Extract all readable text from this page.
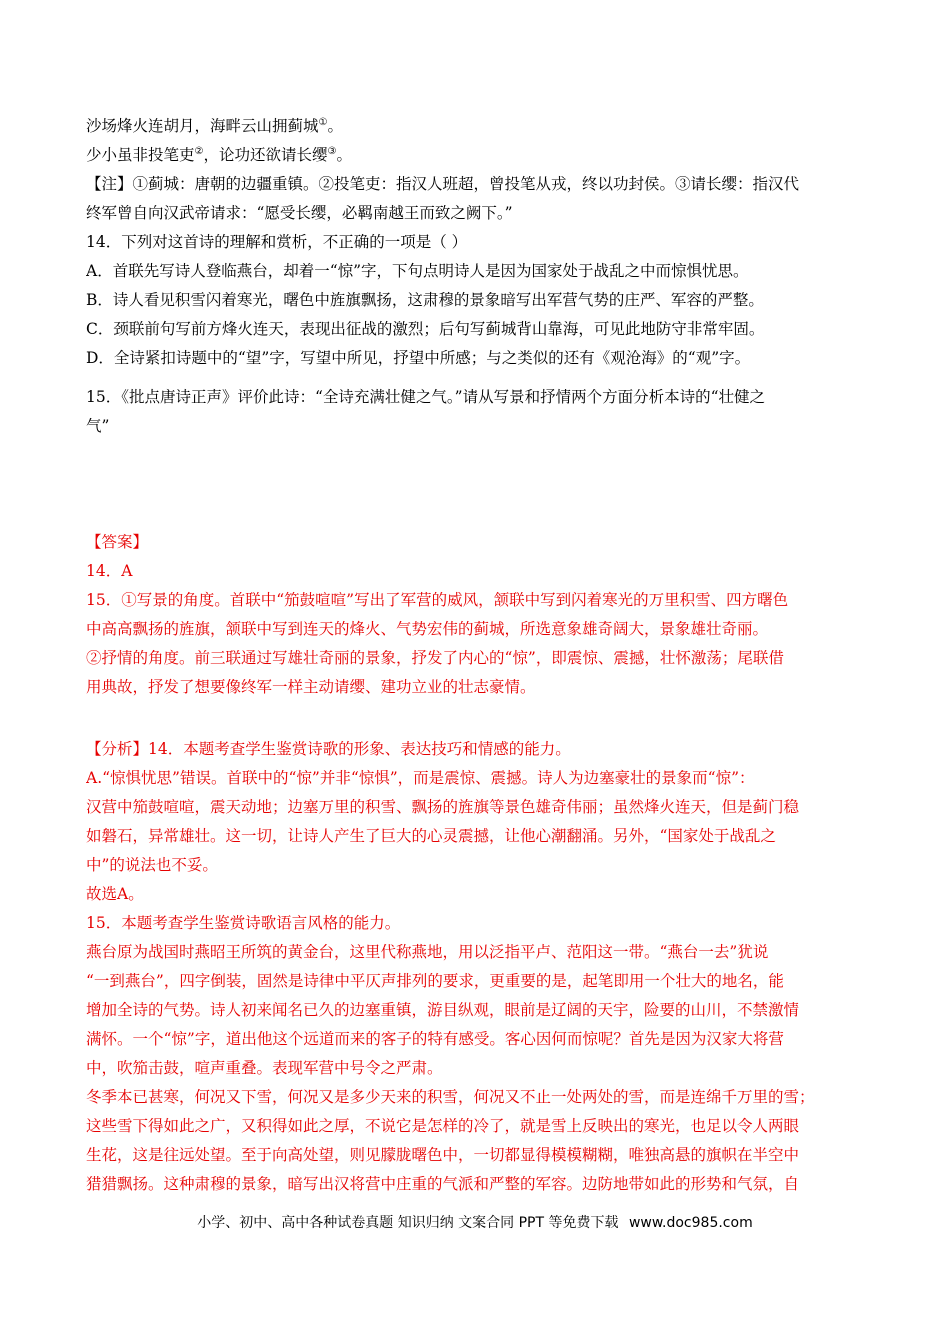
沙场烽火连胡月，海畔云山拥蓟城①。
少小虽非投笔吏②，论功还欲请长缨③。
【注】①蓟城：唐朝的边疆重镇。②投笔吏：指汉人班超，曾投笔从戎，终以功封侯。③请长缨：指汉代
终军曾自向汉武帝请求：“愿受长缨，必羁南越王而致之阙下。”
14．下列对这首诗的理解和赏析，不正确的一项是（ ）
A．首联先写诗人登临燕台，却着一“惊”字，下句点明诗人是因为国家处于战乱之中而惊惧忧思。
B．诗人看见积雪闪着寒光，曙色中旌旗飘扬，这肃穆的景象暗写出军营气势的庄严、军容的严整。
C．颈联前句写前方烽火连天，表现出征战的激烈；后句写蓟城背山靠海，可见此地防守非常牢固。
D．全诗紧扣诗题中的“望”字，写望中所见，抒望中所感；与之类似的还有《观沧海》的“观”字。
15．《批点唐诗正声》评价此诗：“全诗充满壮健之气。”请从写景和抒情两个方面分析本诗的“壮健之
气”
【答案】
14．A
15．①写景的角度。首联中“笳鼓喧喧”写出了军营的威风，颔联中写到闪着寒光的万里积雪、四方曙色
中高高飘扬的旌旗，颔联中写到连天的烽火、气势宏伟的蓟城，所选意象雄奇阔大，景象雄壮奇丽。
②抒情的角度。前三联通过写雄壮奇丽的景象，抒发了内心的“惊”，即震惊、震撼，壮怀激荡；尾联借
用典故，抒发了想要像终军一样主动请缨、建功立业的壮志豪情。
【分析】14．本题考查学生鉴赏诗歌的形象、表达技巧和情感的能力。
A.“惊惧忧思”错误。首联中的“惊”并非“惊惧”，而是震惊、震撼。诗人为边塞豪壮的景象而“惊”：
汉营中笳鼓喧喧，震天动地；边塞万里的积雪、飘扬的旌旗等景色雄奇伟丽；虽然烽火连天，但是蓟门稳
如磐石，异常雄壮。这一切，让诗人产生了巨大的心灵震撼，让他心潮翻涌。另外，“国家处于战乱之
中”的说法也不妥。
故选A。
15．本题考查学生鉴赏诗歌语言风格的能力。
燕台原为战国时燕昭王所筑的黄金台，这里代称燕地，用以泛指平卢、范阳这一带。“燕台一去”犹说
“一到燕台”，四字倒装，固然是诗律中平仄声排列的要求，更重要的是，起笔即用一个壮大的地名，能
增加全诗的气势。诗人初来闻名已久的边塞重镇，游目纵观，眼前是辽阔的天宇，险要的山川，不禁激情
满怀。一个“惊”字，道出他这个远道而来的客子的特有感受。客心因何而惊呢？首先是因为汉家大将营
中，吹笳击鼓，喧声重叠。表现军营中号令之严肃。
冬季本已甚寒，何况又下雪，何况又是多少天来的积雪，何况又不止一处两处的雪，而是连绵千万里的雪；
这些雪下得如此之广，又积得如此之厚，不说它是怎样的冷了，就是雪上反映出的寒光，也足以令人两眼
生花，这是往远处望。至于向高处望，则见朦胧曙色中，一切都显得模模糊糊，唯独高悬的旗帜在半空中
猎猎飘扬。这种肃穆的景象，暗写出汉将营中庄重的气派和严整的军容。边防地带如此的形势和气氛，自
小学、初中、高中各种试卷真题 知识归纳 文案合同 PPT 等免费下载 www.doc985.com
